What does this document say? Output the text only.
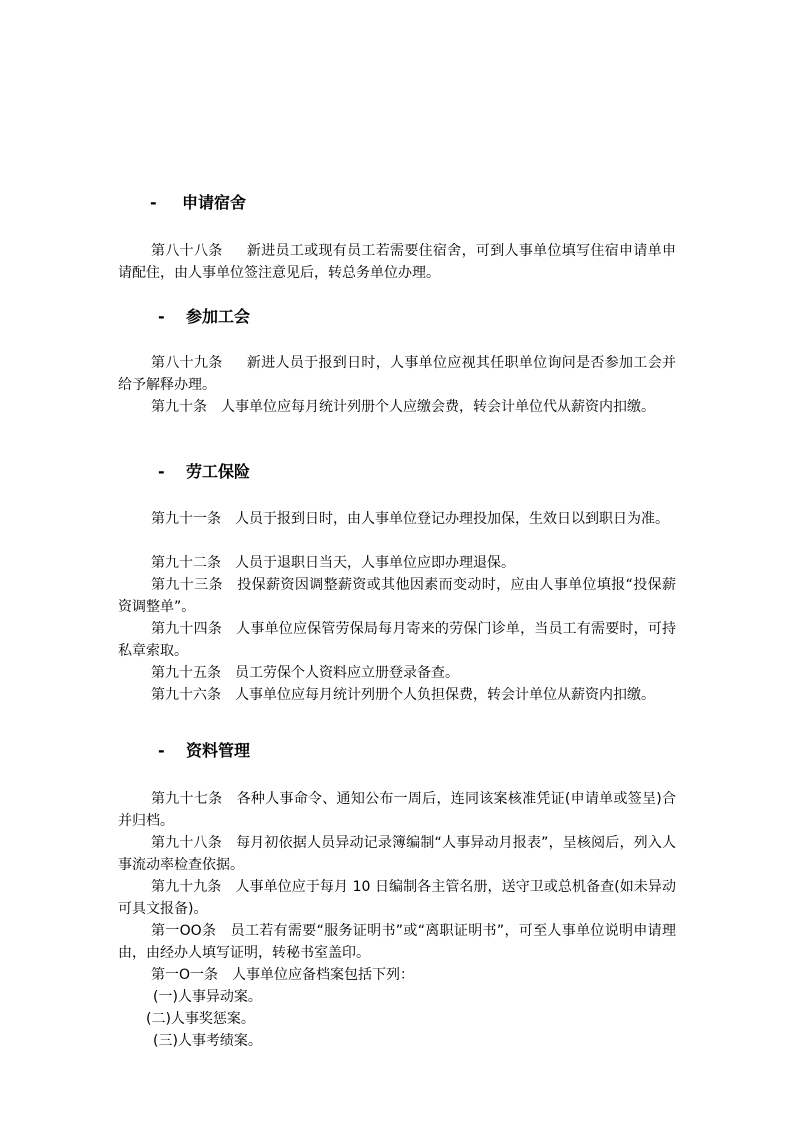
- 申请宿舍

第八十八条 新进员工或现有员工若需要住宿舍，可到人事单位填写住宿申请单申请配住，由人事单位签注意见后，转总务单位办理。

- 参加工会

第八十九条 新进人员于报到日时，人事单位应视其任职单位询问是否参加工会并给予解释办理。

第九十条 人事单位应每月统计列册个人应缴会费，转会计单位代从薪资内扣缴。

- 劳工保险

第九十一条 人员于报到日时，由人事单位登记办理投加保，生效日以到职日为准。

第九十二条 人员于退职日当天，人事单位应即办理退保。

第九十三条 投保薪资因调整薪资或其他因素而变动时，应由人事单位填报“投保薪资调整单”。

第九十四条 人事单位应保管劳保局每月寄来的劳保门诊单，当员工有需要时，可持私章索取。

第九十五条 员工劳保个人资料应立册登录备查。

第九十六条 人事单位应每月统计列册个人负担保费，转会计单位从薪资内扣缴。

- 资料管理

第九十七条 各种人事命令、通知公布一周后，连同该案核准凭证(申请单或签呈)合并归档。

第九十八条 每月初依据人员异动记录簿编制“人事异动月报表”，呈核阅后，列入人事流动率检查依据。

第九十九条 人事单位应于每月 10 日编制各主管名册，送守卫或总机备查(如未异动可具文报备)。

第一OO条 员工若有需要“服务证明书”或“离职证明书”，可至人事单位说明申请理由，由经办人填写证明，转秘书室盖印。

第一O一条 人事单位应备档案包括下列：

(一)人事异动案。
(二)人事奖惩案。
(三)人事考绩案。
